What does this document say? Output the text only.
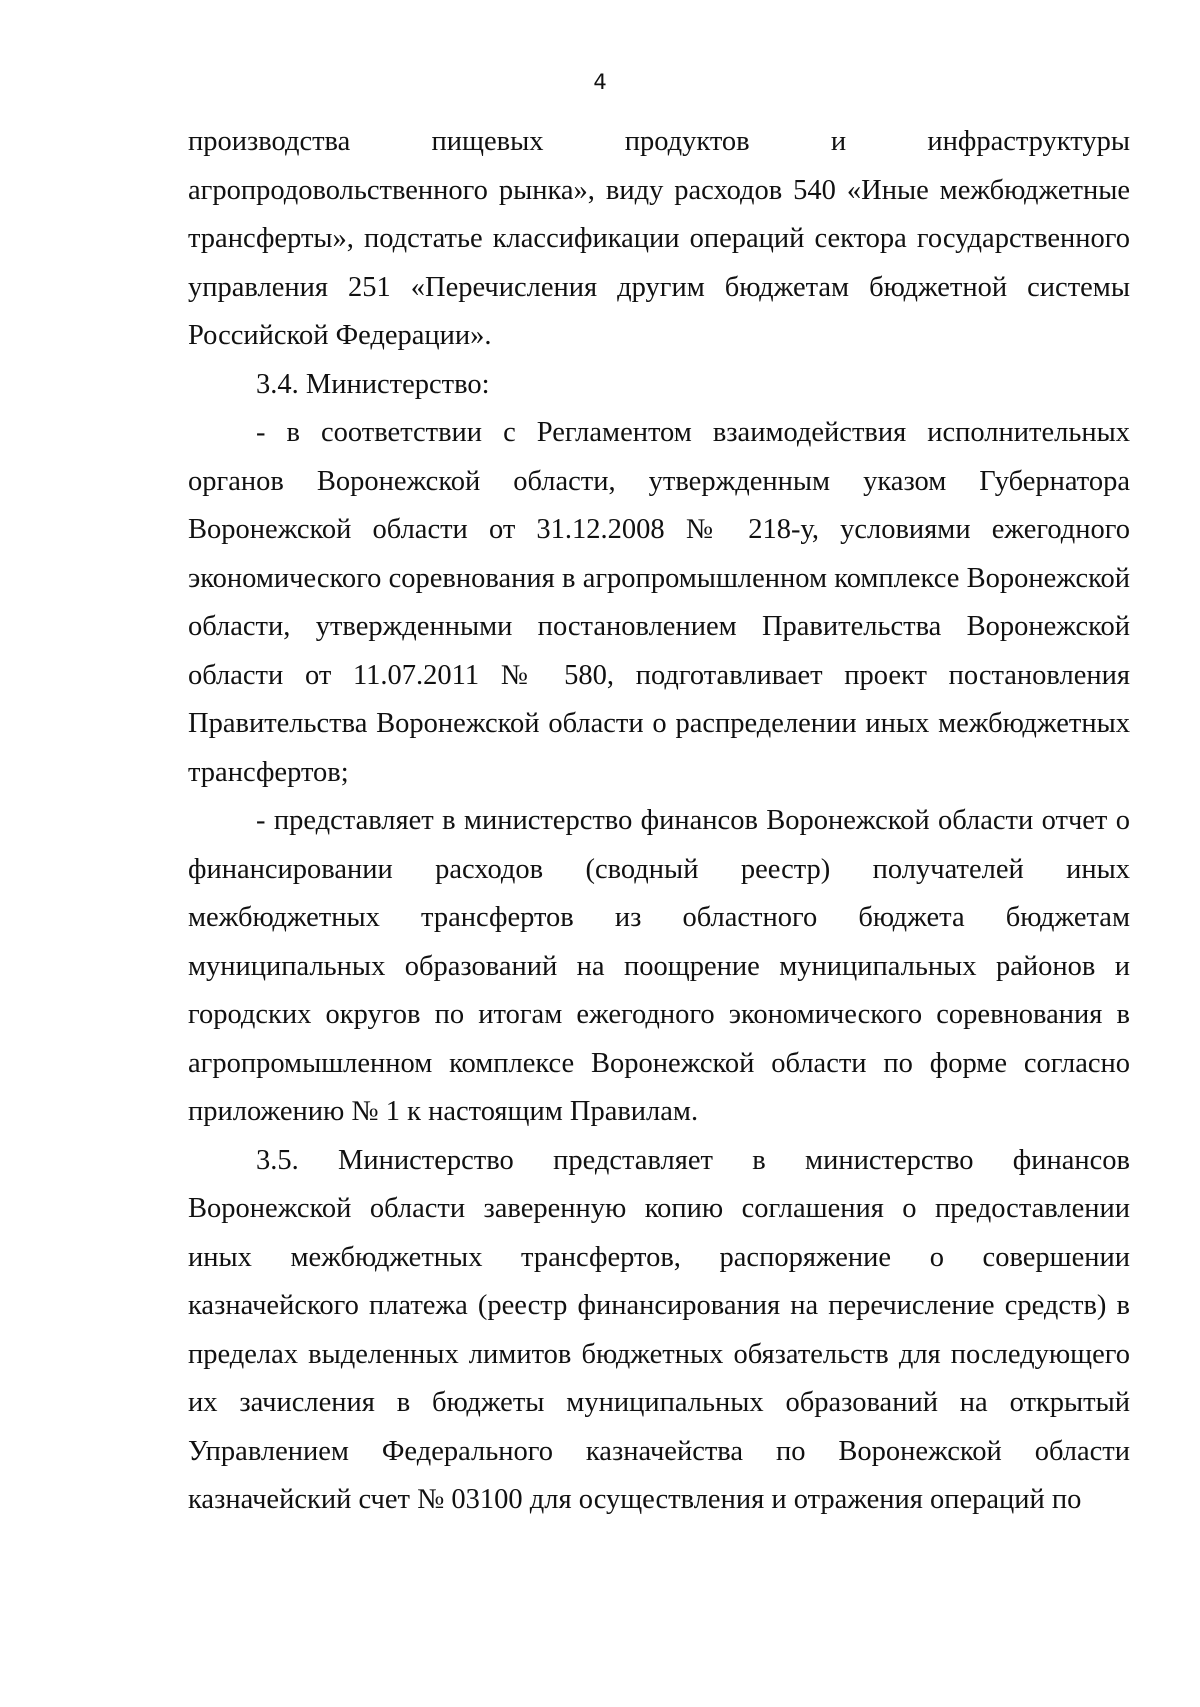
4

производства пищевых продуктов и инфраструктуры агропродовольственного рынка», виду расходов 540 «Иные межбюджетные трансферты», подстатье классификации операций сектора государственного управления 251 «Перечисления другим бюджетам бюджетной системы Российской Федерации».

3.4. Министерство:

- в соответствии с Регламентом взаимодействия исполнительных органов Воронежской области, утвержденным указом Губернатора Воронежской области от 31.12.2008 № 218-у, условиями ежегодного экономического соревнования в агропромышленном комплексе Воронежской области, утвержденными постановлением Правительства Воронежской области от 11.07.2011 № 580, подготавливает проект постановления Правительства Воронежской области о распределении иных межбюджетных трансфертов;

- представляет в министерство финансов Воронежской области отчет о финансировании расходов (сводный реестр) получателей иных межбюджетных трансфертов из областного бюджета бюджетам муниципальных образований на поощрение муниципальных районов и городских округов по итогам ежегодного экономического соревнования в агропромышленном комплексе Воронежской области по форме согласно приложению № 1 к настоящим Правилам.

3.5. Министерство представляет в министерство финансов Воронежской области заверенную копию соглашения о предоставлении иных межбюджетных трансфертов, распоряжение о совершении казначейского платежа (реестр финансирования на перечисление средств) в пределах выделенных лимитов бюджетных обязательств для последующего их зачисления в бюджеты муниципальных образований на открытый Управлением Федерального казначейства по Воронежской области казначейский счет № 03100 для осуществления и отражения операций по
